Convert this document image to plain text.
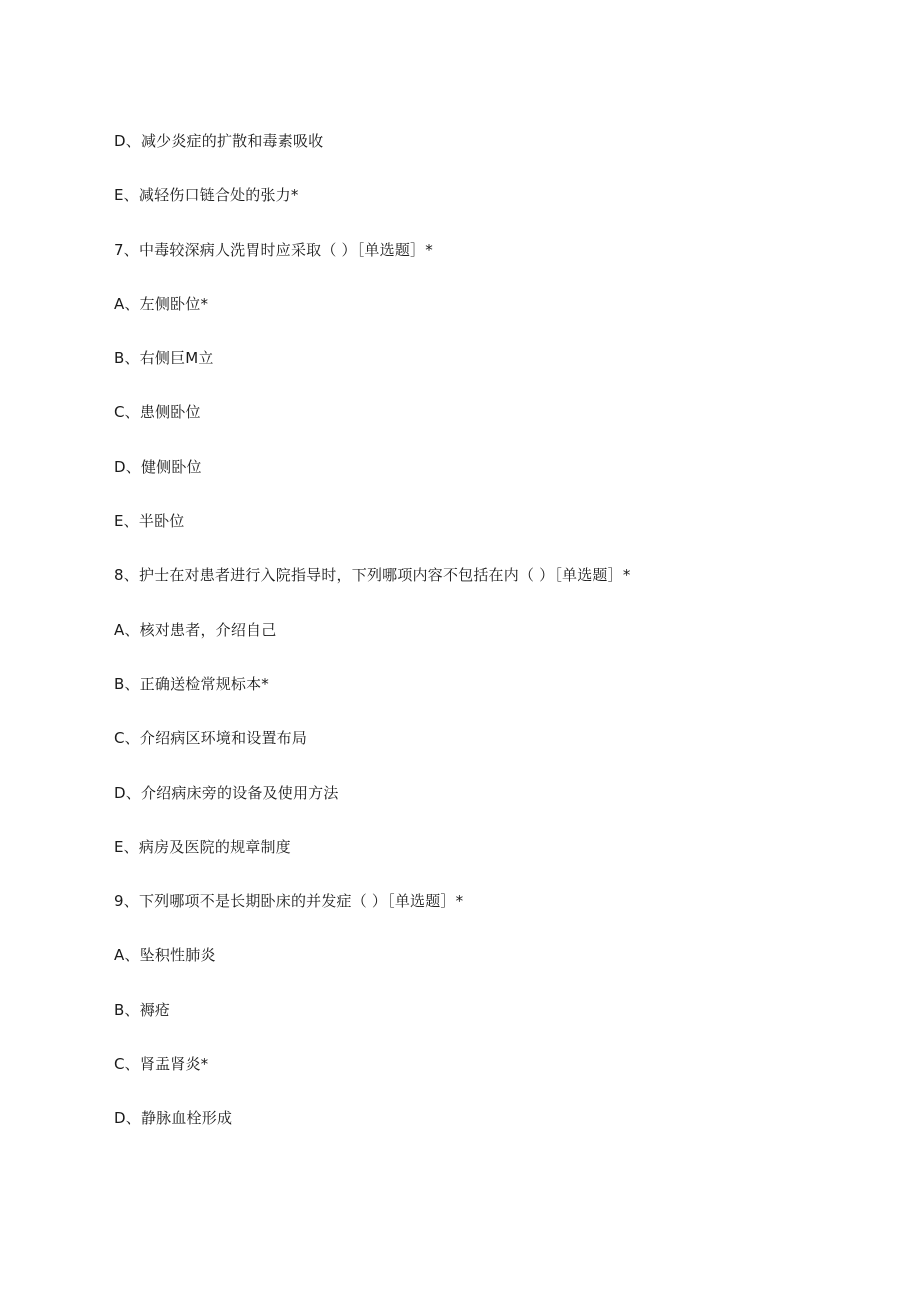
D、减少炎症的扩散和毒素吸收
E、减轻伤口链合处的张力*
7、中毒较深病人洗胃时应采取（ ）［单选题］*
A、左侧卧位*
B、右侧巨M立
C、患侧卧位
D、健侧卧位
E、半卧位
8、护士在对患者进行入院指导时，下列哪项内容不包括在内（ ）［单选题］*
A、核对患者，介绍自己
B、正确送检常规标本*
C、介绍病区环境和设置布局
D、介绍病床旁的设备及使用方法
E、病房及医院的规章制度
9、下列哪项不是长期卧床的并发症（ ）［单选题］*
A、坠积性肺炎
B、褥疮
C、肾盂肾炎*
D、静脉血栓形成
